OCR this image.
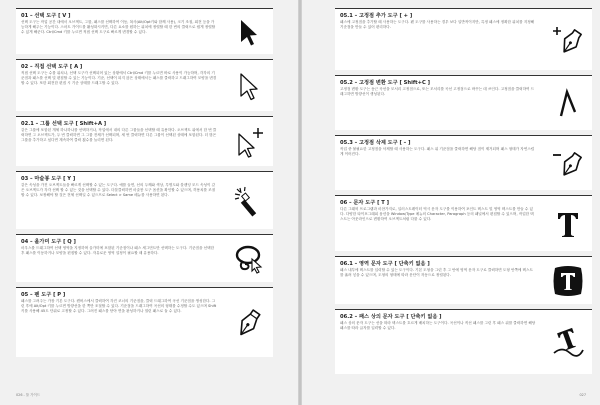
01 – 선택 도구 [ V ]
선택 도구는 작업 공간 내에서 오브젝트, 그룹, 패스를 선택하여 이동, 복사(Alt/Opt키와 함께 사용), 크기 조절, 회전 등을 가능하게 해주는 기능이다. 스마트 가이드를 활성화시키면, 다른 요소를 원하는 위치에 정렬할 때 한 번의 클릭으로 쉽게 정렬할 수 있게 해준다. Ctrl/Cmd 키를 누르면 직접 선택 도구로 빠르게 변경할 수 있다.
02 – 직접 선택 도구 [ A ]
직접 선택 도구는 수를 위치나, 선택 도구가 선택되어 있는 상황에서 Ctrl/Cmd 키를 누르면 바로 사용이 가능하며, 각각의 기준점과 패스를 선택 및 편집할 수 있는 기능이다. 기준, 선택이 되지 않은 상태에서는 패스를 클릭하고 드래그하여 모양을 변경할 수 있다. 또한 회전한 편집 시 기준 상태를 드래그할 수 있다.
02.1 – 그룹 선택 도구 [ Shift+A ]
같은 그룹에 포함된 개체 하나하나를 선택하거나, 작업에서 내의 다른 그룹들을 선택할 때 유용하다. 오브젝트 위에서 한 번 클릭하면 그 오브젝트가, 두 번 클릭하면 그 그룹 전체가 선택되며, 세 번 클릭하면 다른 그룹이 선택된 상태에 포함된다. 더 많은 그룹을 추가하고 싶다면 계속하여 클릭 횟수를 늘리면 된다.
03 – 마술봉 도구 [ Y ]
같은 속성을 가진 오브젝트들을 빠르게 선택할 수 있는 도구다. 예를 들면, 선의 두께와 색상, 투명도와 블렌딩 모드 속성이 같은 오브젝트가 각각 선택 할 수 있는 것을 선택할 수 있다. 더블클릭하면 마술봉 도구 옵션을 확인할 수 있으며, 허용치를 조절할 수 있다. 보정해야 할 것은 전체 선택일 수 있으므로 Select > Same 메뉴를 사용하면 된다.
04 – 올가미 도구 [ Q ]
마우스를 드래그하여 선택 영역을 지정하며 올가미에 포함된 기준점이나 패스 세그먼트만 선택하는 도구다. 기준점을 선택한 후 패스를 이동하거나 모양을 편집할 수 있다. 자유로운 영역 설정이 필요할 때 유용하다.
05 – 펜 도구 [ P ]
패스를 그려주는 가장 기본 도구다. 캔버스에서 클릭하여 각진 코너의 기준점을, 클릭 드래그하여 곡선 기준점을 생성한다. 그린 후에 Alt/Opt 키를 누르면 방향선을 한 쪽만 조절할 수 있다. 기준점을 드래그하여 곡선의 형태를 수정할 수도 있으며 Shift 키를 사용해 45도 단위로 고정할 수 있다. 그려진 패스를 닫아 면을 완성하거나 열린 패스로 둘 수 있다.
05.1 – 고정점 추가 도구 [ + ]
패스에 고정점을 추가할 때 사용하는 도구다. 펜 도구를 사용하는 경우 보다 일반적이지만, 특정 패스에 정확한 위치를 지정해 기준점을 만들 수 있어 편리하다.
05.2 – 고정점 변환 도구 [ Shift+C ]
고정점 변환 도구는 둥근 곡선을 모서리 고정점으로, 또는 모서리를 곡선 고정점으로 바꾸는 데 쓰인다. 고정점을 클릭하여 드래그하면 방향선이 생성된다.
05.3 – 고정점 삭제 도구 [ – ]
작업 중 불필요한 고정점을 삭제할 때 사용하는 도구다. 패스 위 기준점을 클릭하면 해당 점이 제거되며 패스 형태가 자연스럽게 이어진다.
06 – 문자 도구 [ T ]
다른 그래픽 프로그램과 마찬가지로, 일러스트레이터 역시 문자 도구를 이용하여 포인트 텍스트 및 영역 텍스트를 만들 수 있다. 다양한 타이포그래피 옵션을 Window/Type 메뉴의 Character, Paragraph 등의 패널에서 편집할 수 있으며, 작업한 텍스트는 아웃라인으로 변환하여 오브젝트처럼 다룰 수 있다.
06.1 – 영역 문자 도구 [ 단축키 없음 ]
패스 내부에 텍스트를 입력할 수 있는 도구이다. 기본 도형을 그린 후 그 안에 영역 문자 도구로 클릭하면 도형 안쪽에 텍스트를 흘려 넣을 수 있으며, 도형의 형태에 따라 문단이 자동으로 정렬된다.
06.2 – 패스 상의 문자 도구 [ 단축키 없음 ]
패스 상의 문자 도구는 선을 따라 텍스트를 흐르게 배치하는 도구이다. 곡선이나 직선 패스를 그린 후 패스 위를 클릭하면 해당 패스를 따라 글자를 입력할 수 있다.
026 - 툴 가이드	027
